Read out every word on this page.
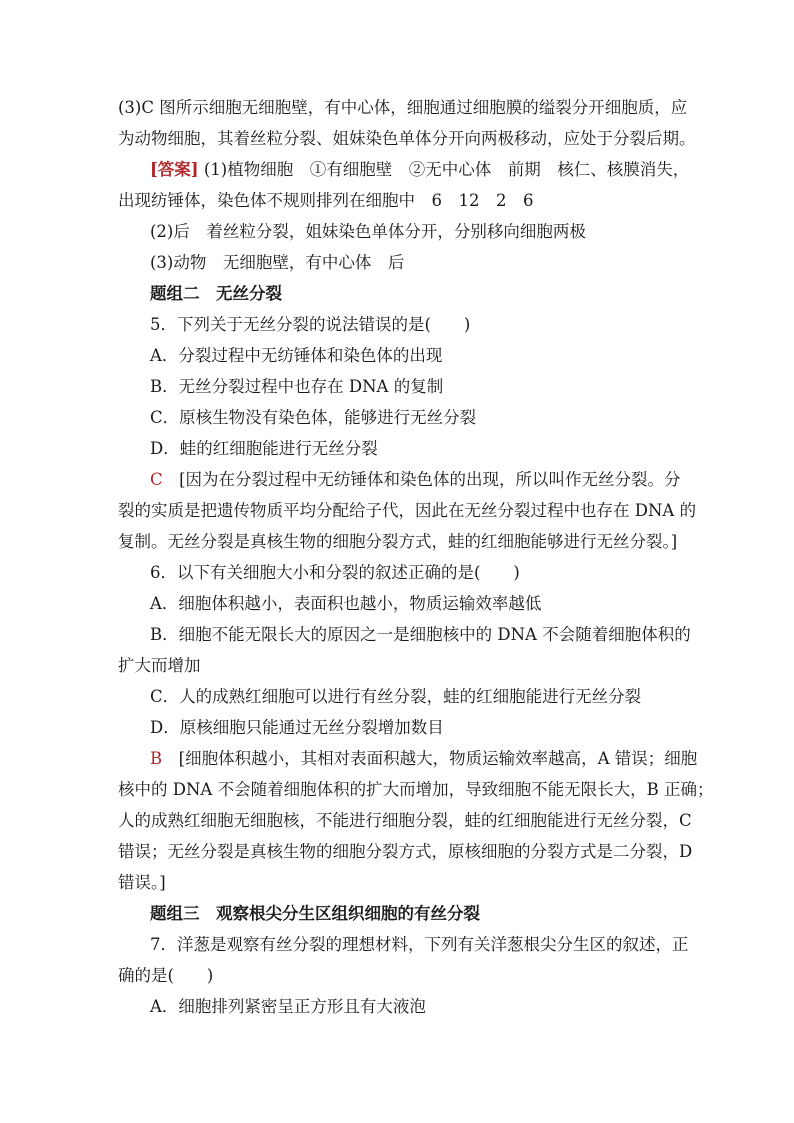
(3)C 图所示细胞无细胞壁，有中心体，细胞通过细胞膜的缢裂分开细胞质，应
为动物细胞，其着丝粒分裂、姐妹染色单体分开向两极移动，应处于分裂后期。
[答案] (1)植物细胞　①有细胞壁　②无中心体　前期　核仁、核膜消失，
出现纺锤体，染色体不规则排列在细胞中　6　12　2　6
(2)后　着丝粒分裂，姐妹染色单体分开，分别移向细胞两极
(3)动物　无细胞壁，有中心体　后
题组二　无丝分裂
5．下列关于无丝分裂的说法错误的是(　　)
A．分裂过程中无纺锤体和染色体的出现
B．无丝分裂过程中也存在 DNA 的复制
C．原核生物没有染色体，能够进行无丝分裂
D．蛙的红细胞能进行无丝分裂
C　 [因为在分裂过程中无纺锤体和染色体的出现，所以叫作无丝分裂。分
裂的实质是把遗传物质平均分配给子代，因此在无丝分裂过程中也存在 DNA 的
复制。无丝分裂是真核生物的细胞分裂方式，蛙的红细胞能够进行无丝分裂。]
6．以下有关细胞大小和分裂的叙述正确的是(　　)
A．细胞体积越小，表面积也越小，物质运输效率越低
B．细胞不能无限长大的原因之一是细胞核中的 DNA 不会随着细胞体积的
扩大而增加
C．人的成熟红细胞可以进行有丝分裂，蛙的红细胞能进行无丝分裂
D．原核细胞只能通过无丝分裂增加数目
B　 [细胞体积越小，其相对表面积越大，物质运输效率越高，A 错误；细胞
核中的 DNA 不会随着细胞体积的扩大而增加，导致细胞不能无限长大，B 正确；
人的成熟红细胞无细胞核，不能进行细胞分裂，蛙的红细胞能进行无丝分裂，C
错误；无丝分裂是真核生物的细胞分裂方式，原核细胞的分裂方式是二分裂，D
错误。]
题组三　观察根尖分生区组织细胞的有丝分裂
7．洋葱是观察有丝分裂的理想材料，下列有关洋葱根尖分生区的叙述，正
确的是(　　)
A．细胞排列紧密呈正方形且有大液泡
